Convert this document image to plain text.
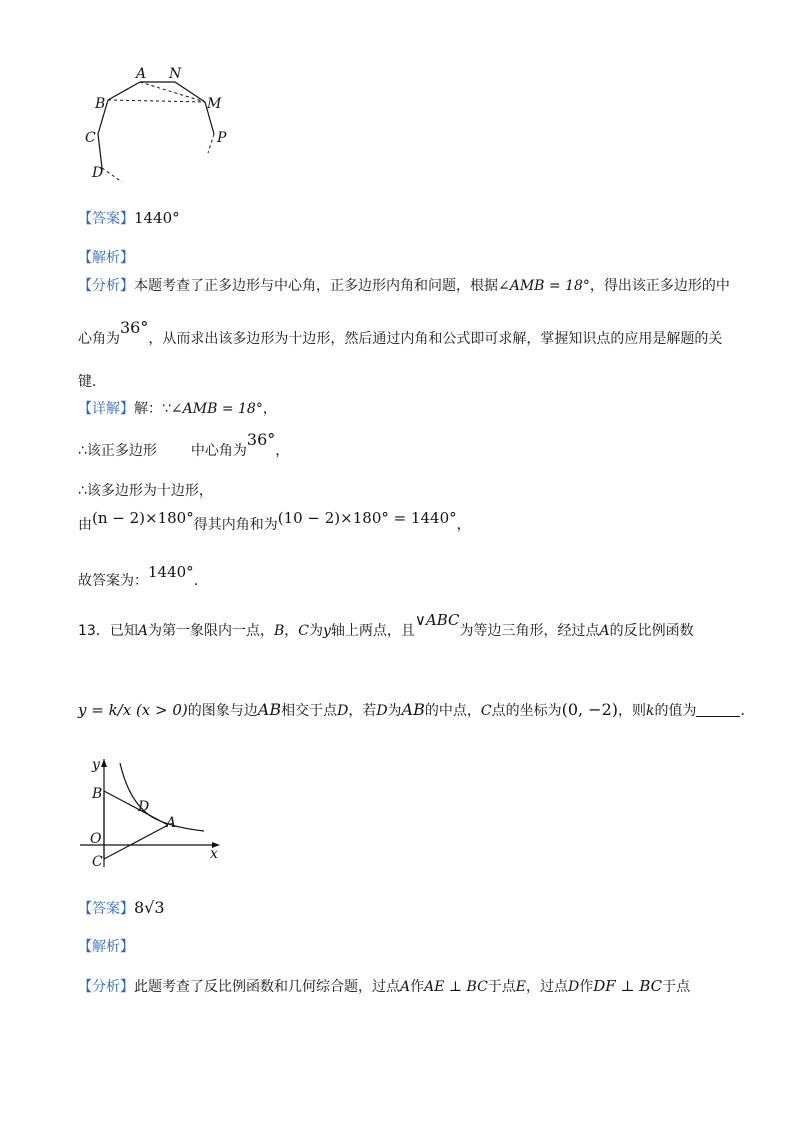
A N
B	M
C	P
D
【答案】1440°
【解析】
【分析】本题考查了正多边形与中心角，正多边形内角和问题，根据∠AMB = 18°，得出该正多边形的中
心角为36°，从而求出该多边形为十边形，然后通过内角和公式即可求解，掌握知识点的应用是解题的关
键．
【详解】解：∵∠AMB = 18°，
∴该正多边形 中心角为36°，
∴该多边形为十边形，
由(n − 2)×180°得其内角和为(10 − 2)×180° = 1440°，
故答案为：1440°．
13．已知A为第一象限内一点，B，C为y轴上两点，且∨ABC为等边三角形，经过点A的反比例函数
y = k/x (x > 0)的图象与边AB相交于点D，若D为AB的中点，C点的坐标为(0, −2)，则k的值为	．
y
B
D
A
O
C	x
【答案】8√3
【解析】
【分析】此题考查了反比例函数和几何综合题，过点A作AE ⊥ BC于点E，过点D作DF ⊥ BC于点
